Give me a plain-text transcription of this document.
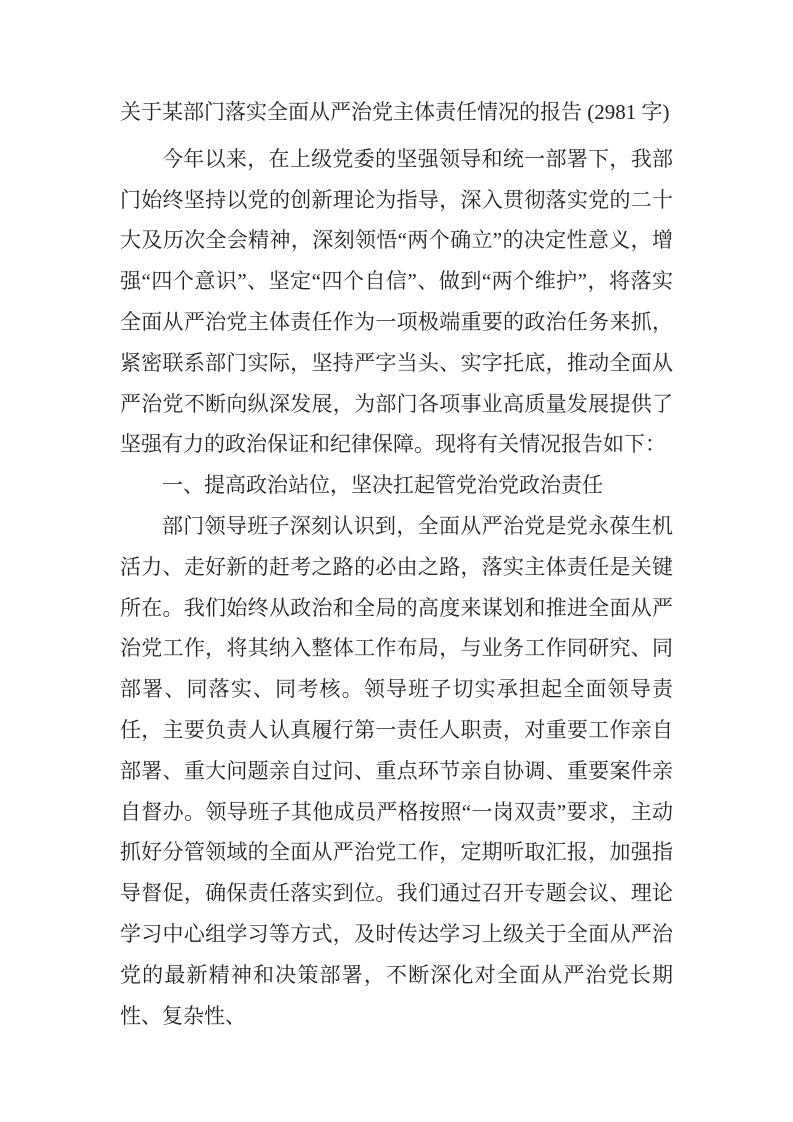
关于某部门落实全面从严治党主体责任情况的报告 (2981 字)

今年以来，在上级党委的坚强领导和统一部署下，我部门始终坚持以党的创新理论为指导，深入贯彻落实党的二十大及历次全会精神，深刻领悟“两个确立”的决定性意义，增强“四个意识”、坚定“四个自信”、做到“两个维护”，将落实全面从严治党主体责任作为一项极端重要的政治任务来抓，紧密联系部门实际，坚持严字当头、实字托底，推动全面从严治党不断向纵深发展，为部门各项事业高质量发展提供了坚强有力的政治保证和纪律保障。现将有关情况报告如下：

一、提高政治站位，坚决扛起管党治党政治责任

部门领导班子深刻认识到，全面从严治党是党永葆生机活力、走好新的赶考之路的必由之路，落实主体责任是关键所在。我们始终从政治和全局的高度来谋划和推进全面从严治党工作，将其纳入整体工作布局，与业务工作同研究、同部署、同落实、同考核。领导班子切实承担起全面领导责任，主要负责人认真履行第一责任人职责，对重要工作亲自部署、重大问题亲自过问、重点环节亲自协调、重要案件亲自督办。领导班子其他成员严格按照“一岗双责”要求，主动抓好分管领域的全面从严治党工作，定期听取汇报，加强指导督促，确保责任落实到位。我们通过召开专题会议、理论学习中心组学习等方式，及时传达学习上级关于全面从严治党的最新精神和决策部署，不断深化对全面从严治党长期性、复杂性、
